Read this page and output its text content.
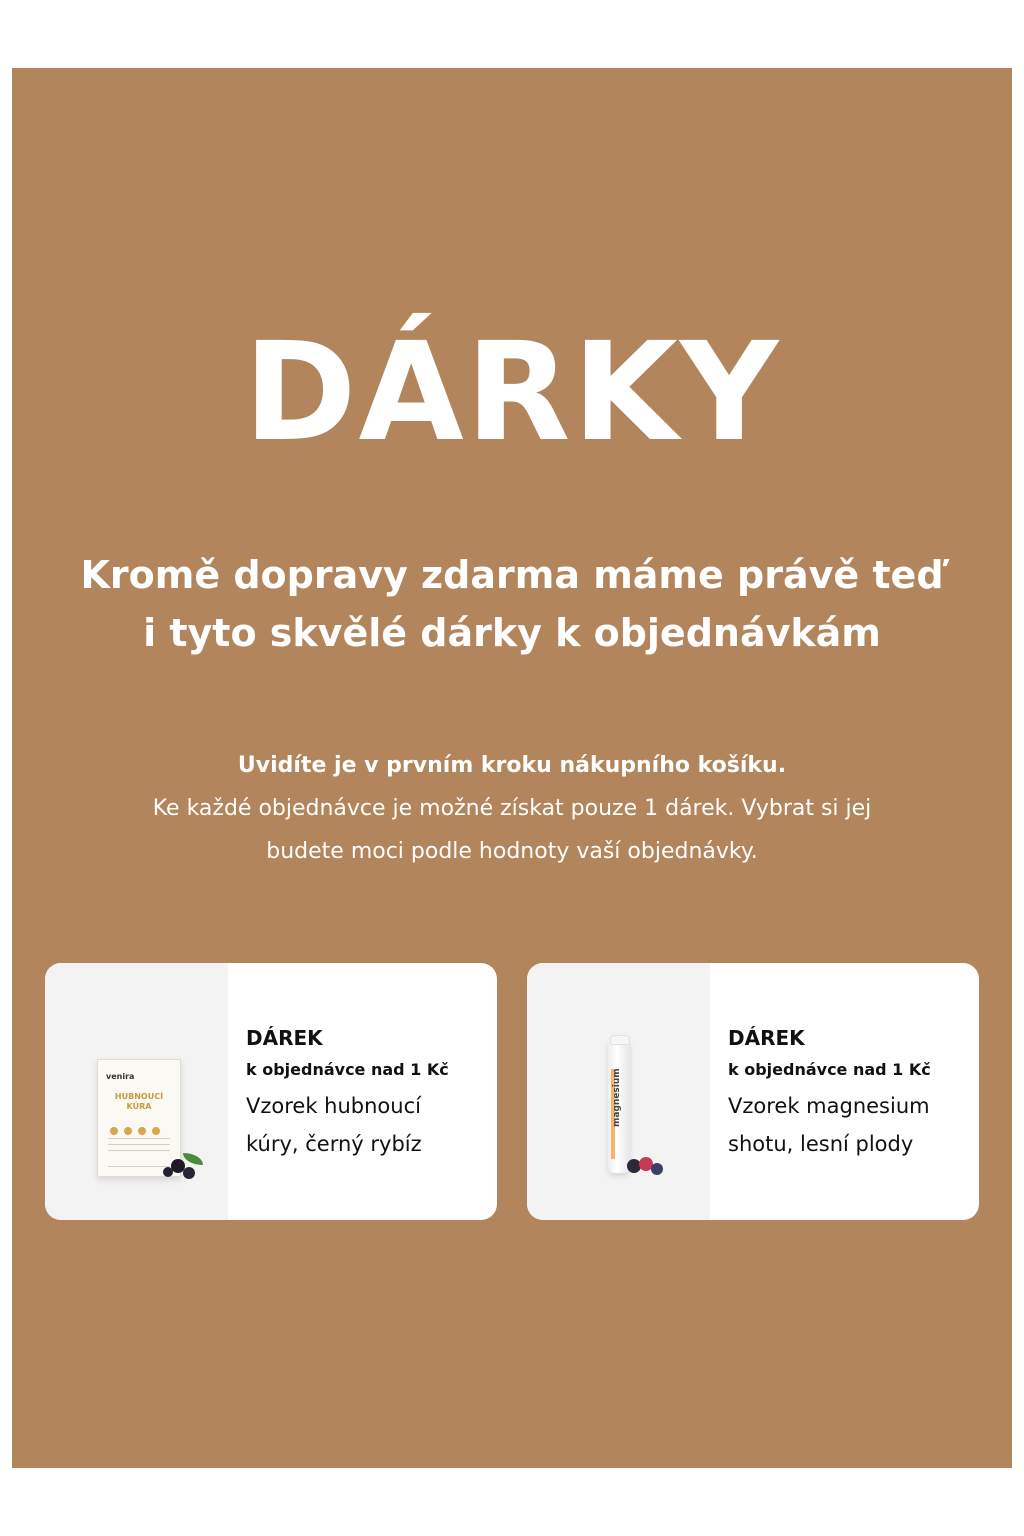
DÁRKY
Kromě dopravy zdarma máme právě teď
i tyto skvělé dárky k objednávkám
Uvidíte je v prvním kroku nákupního košíku.
Ke každé objednávce je možné získat pouze 1 dárek. Vybrat si jej
budete moci podle hodnoty vaší objednávky.
venira
HUBNOUCÍ
KÚRA
DÁREK
k objednávce nad 1 Kč
Vzorek hubnoucí
kúry, černý rybíz
magnesium
DÁREK
k objednávce nad 1 Kč
Vzorek magnesium
shotu, lesní plody
